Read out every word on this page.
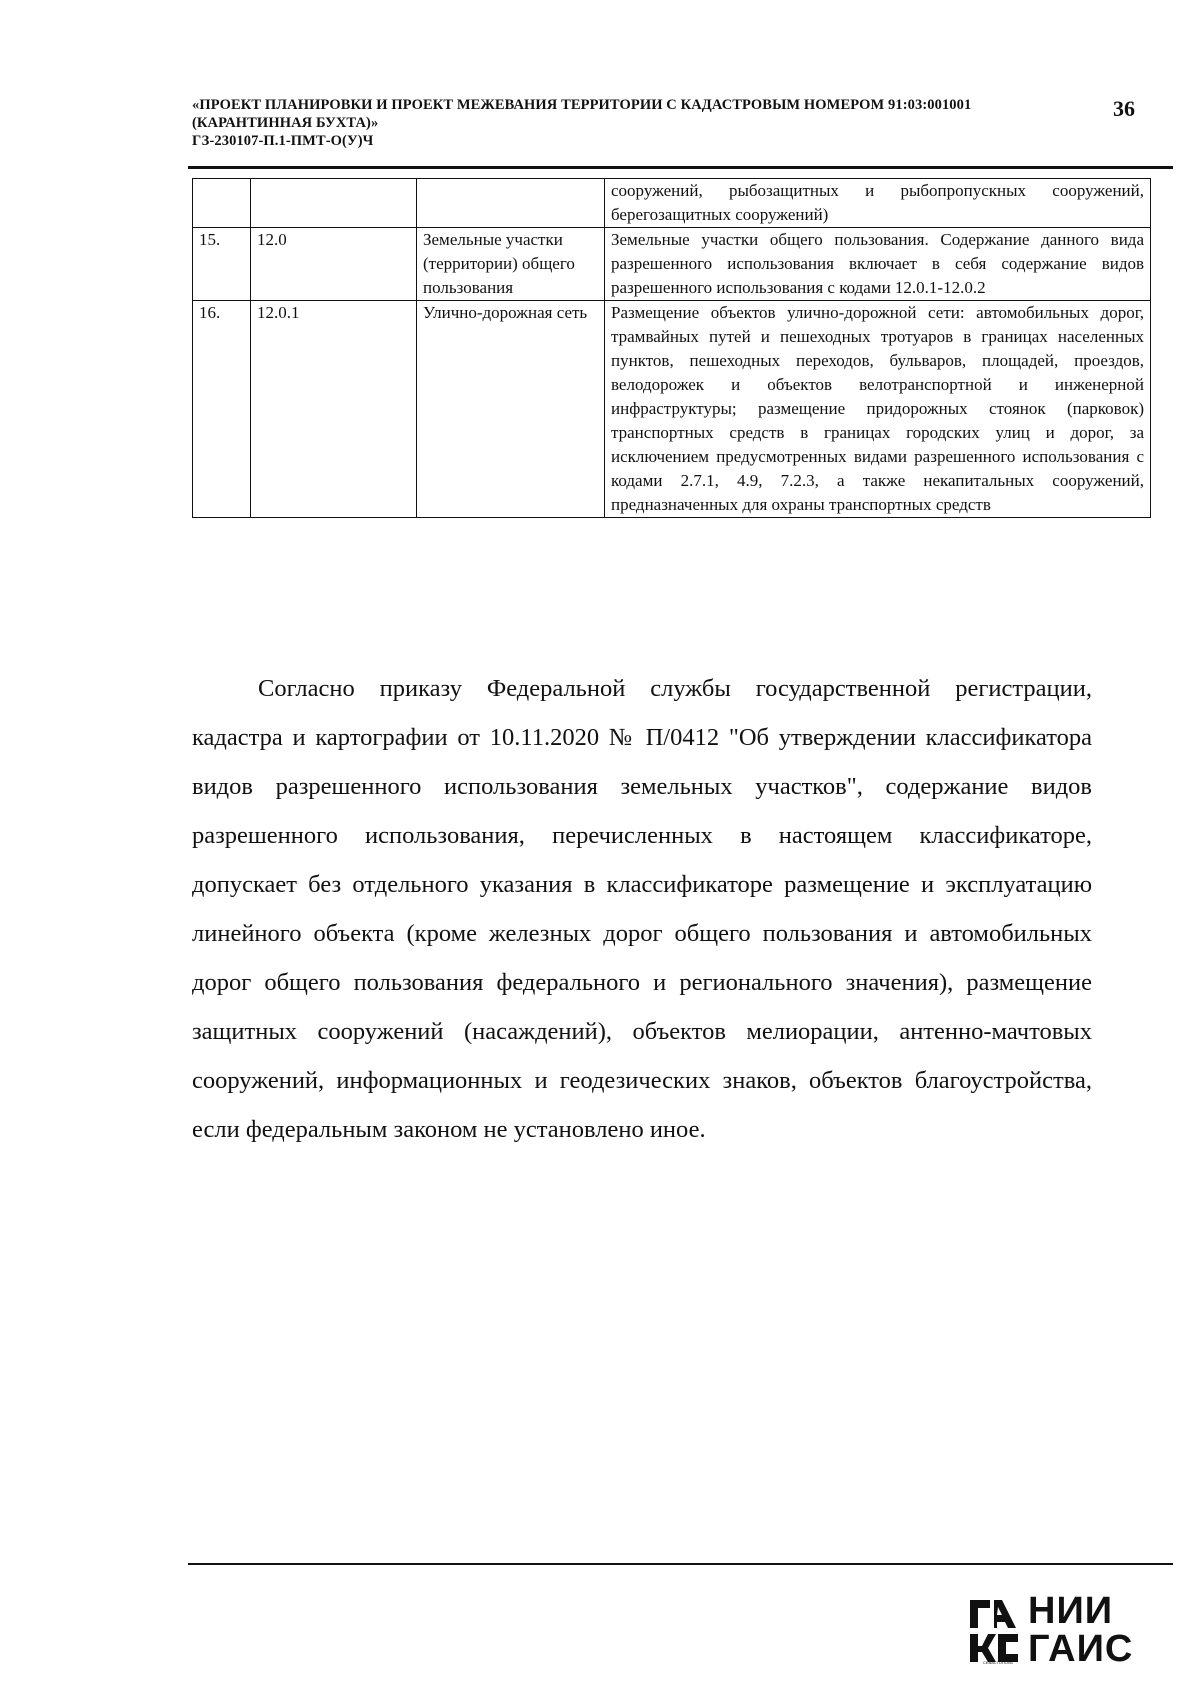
«ПРОЕКТ ПЛАНИРОВКИ И ПРОЕКТ МЕЖЕВАНИЯ ТЕРРИТОРИИ С КАДАСТРОВЫМ НОМЕРОМ 91:03:001001
(КАРАНТИННАЯ БУХТА)»
ГЗ-230107-П.1-ПМТ-О(У)Ч
36
			сооружений, рыбозащитных и рыбопропускных сооружений, берегозащитных сооружений)
15.	12.0	Земельные участки (территории) общего пользования	Земельные участки общего пользования. Содержание данного вида разрешенного использования включает в себя содержание видов разрешенного использования с кодами 12.0.1-12.0.2
16.	12.0.1	Улично-дорожная сеть	Размещение объектов улично-дорожной сети: автомобильных дорог, трамвайных путей и пешеходных тротуаров в границах населенных пунктов, пешеходных переходов, бульваров, площадей, проездов, велодорожек и объектов велотранспортной и инженерной инфраструктуры; размещение придорожных стоянок (парковок) транспортных средств в границах городских улиц и дорог, за исключением предусмотренных видами разрешенного использования с кодами 2.7.1, 4.9, 7.2.3, а также некапитальных сооружений, предназначенных для охраны транспортных средств

Согласно приказу Федеральной службы государственной регистрации, кадастра и картографии от 10.11.2020 № П/0412 "Об утверждении классификатора видов разрешенного использования земельных участков", содержание видов разрешенного использования, перечисленных в настоящем классификаторе, допускает без отдельного указания в классификаторе размещение и эксплуатацию линейного объекта (кроме железных дорог общего пользования и автомобильных дорог общего пользования федерального и регионального значения), размещение защитных сооружений (насаждений), объектов мелиорации, антенно-мачтовых сооружений, информационных и геодезических знаков, объектов благоустройства, если федеральным законом не установлено иное.

НИИ
ГАИС
СЕВАСТОПОЛЬ
